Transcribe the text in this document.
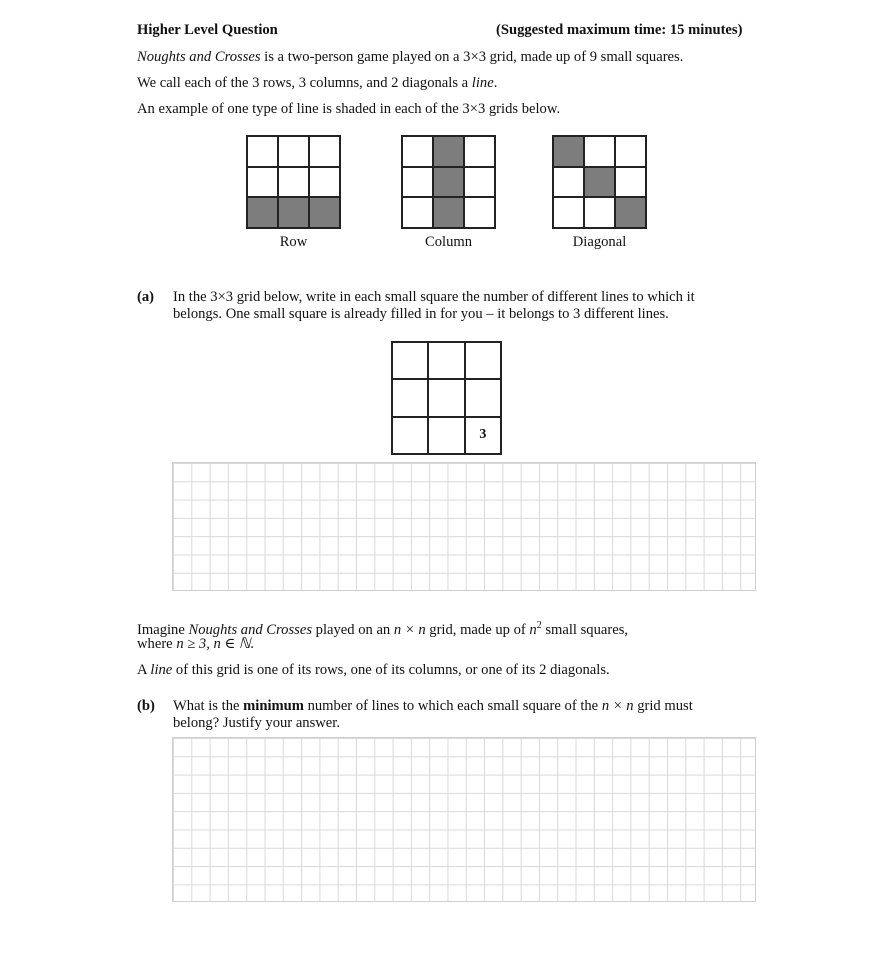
Higher Level Question	(Suggested maximum time: 15 minutes)
Noughts and Crosses is a two-person game played on a 3×3 grid, made up of 9 small squares.
We call each of the 3 rows, 3 columns, and 2 diagonals a line.
An example of one type of line is shaded in each of the 3×3 grids below.
Row	Column	Diagonal
(a) In the 3×3 grid below, write in each small square the number of different lines to which it
belongs. One small square is already filled in for you – it belongs to 3 different lines.
3
Imagine Noughts and Crosses played on an n × n grid, made up of $n^2$ small squares,
where n ≥ 3, n ∈ ℕ.
A line of this grid is one of its rows, one of its columns, or one of its 2 diagonals.
(b) What is the minimum number of lines to which each small square of the n × n grid must
belong? Justify your answer.
